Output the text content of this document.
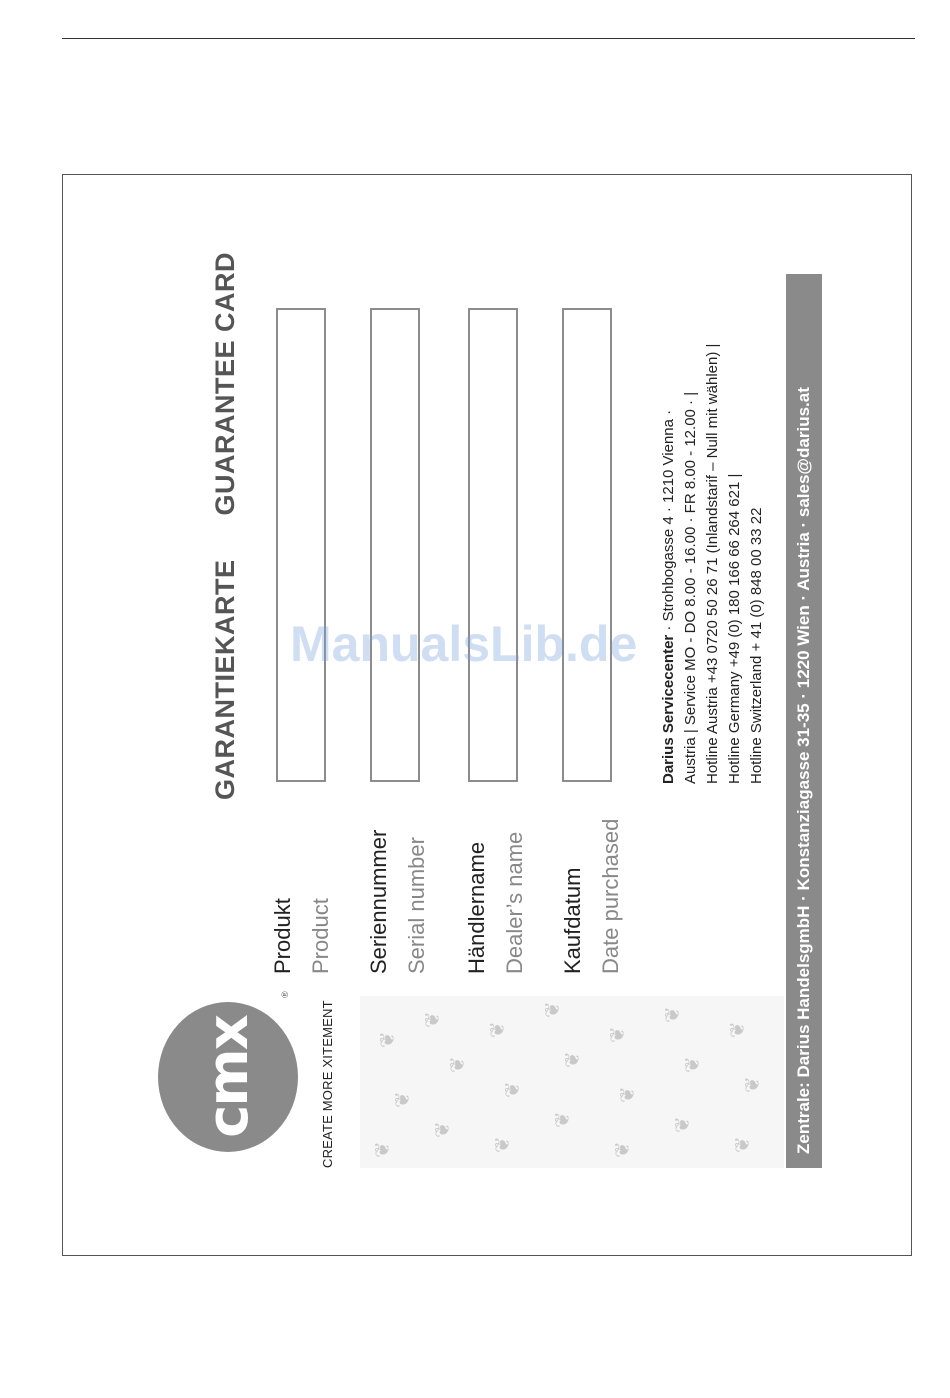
cmx
®
CREATE MORE XITEMENT ❦
❦
❦
❦
❦
❦
❦
❦
❦
❦
❦
❦
❦
❦
❦
❦
❦
❦
❦
❦
❦
GARANTIEKARTEGUARANTEE CARD
Produkt Product Seriennummer Serial number Händlername Dealer’s name Kaufdatum Date purchased
Darius Servicecenter · Strohbogasse 4 · 1210 Vienna · Austria | Service MO - DO 8.00 - 16.00 · FR 8.00 - 12.00 · | Hotline Austria +43 0720 50 26 71 (Inlandstarif – Null mit wählen) | Hotline Germany +49 (0) 180 166 66 264 621 | Hotline Switzerland + 41 (0) 848 00 33 22	Zentrale: Darius HandelsgmbH · Konstanziagasse 31-35 · 1220 Wien · Austria · sales@darius.at
ManualsLib.de
